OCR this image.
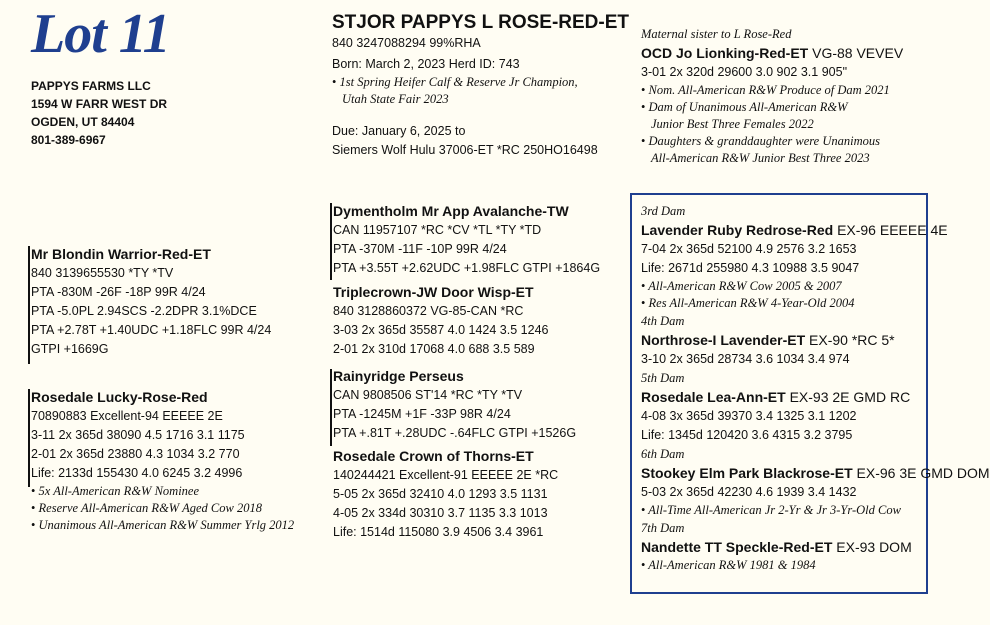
Lot 11
PAPPYS FARMS LLC
1594 W FARR WEST DR
OGDEN, UT 84404
801-389-6967
STJOR PAPPYS L ROSE-RED-ET
840 3247088294 99%RHA
Born: March 2, 2023 Herd ID: 743
• 1st Spring Heifer Calf & Reserve Jr Champion,
Utah State Fair 2023
Due: January 6, 2025 to
Siemers Wolf Hulu 37006-ET *RC 250HO16498
Maternal sister to L Rose-Red
OCD Jo Lionking-Red-ET VG-88 VEVEV
3-01 2x 320d 29600 3.0 902 3.1 905"
• Nom. All-American R&W Produce of Dam 2021
• Dam of Unanimous All-American R&W
Junior Best Three Females 2022
• Daughters & granddaughter were Unanimous
All-American R&W Junior Best Three 2023
Dymentholm Mr App Avalanche-TW
CAN 11957107 *RC *CV *TL *TY *TD
PTA -370M -11F -10P 99R 4/24
PTA +3.55T +2.62UDC +1.98FLC GTPI +1864G
Triplecrown-JW Door Wisp-ET
840 3128860372 VG-85-CAN *RC
3-03 2x 365d 35587 4.0 1424 3.5 1246
2-01 2x 310d 17068 4.0 688 3.5 589
Rainyridge Perseus
CAN 9808506 ST'14 *RC *TY *TV
PTA -1245M +1F -33P 98R 4/24
PTA +.81T +.28UDC -.64FLC GTPI +1526G
Rosedale Crown of Thorns-ET
140244421 Excellent-91 EEEEE 2E *RC
5-05 2x 365d 32410 4.0 1293 3.5 1131
4-05 2x 334d 30310 3.7 1135 3.3 1013
Life: 1514d 115080 3.9 4506 3.4 3961
Mr Blondin Warrior-Red-ET
840 3139655530 *TY *TV
PTA -830M -26F -18P 99R 4/24
PTA -5.0PL 2.94SCS -2.2DPR 3.1%DCE
PTA +2.78T +1.40UDC +1.18FLC 99R 4/24
GTPI +1669G
Rosedale Lucky-Rose-Red
70890883 Excellent-94 EEEEE 2E
3-11 2x 365d 38090 4.5 1716 3.1 1175
2-01 2x 365d 23880 4.3 1034 3.2 770
Life: 2133d 155430 4.0 6245 3.2 4996
• 5x All-American R&W Nominee
• Reserve All-American R&W Aged Cow 2018
• Unanimous All-American R&W Summer Yrlg 2012
3rd Dam
Lavender Ruby Redrose-Red EX-96 EEEEE 4E
7-04 2x 365d 52100 4.9 2576 3.2 1653
Life: 2671d 255980 4.3 10988 3.5 9047
• All-American R&W Cow 2005 & 2007
• Res All-American R&W 4-Year-Old 2004
4th Dam
Northrose-I Lavender-ET EX-90 *RC 5*
3-10 2x 365d 28734 3.6 1034 3.4 974
5th Dam
Rosedale Lea-Ann-ET EX-93 2E GMD RC
4-08 3x 365d 39370 3.4 1325 3.1 1202
Life: 1345d 120420 3.6 4315 3.2 3795
6th Dam
Stookey Elm Park Blackrose-ET EX-96 3E GMD DOM
5-03 2x 365d 42230 4.6 1939 3.4 1432
• All-Time All-American Jr 2-Yr & Jr 3-Yr-Old Cow
7th Dam
Nandette TT Speckle-Red-ET EX-93 DOM
• All-American R&W 1981 & 1984
